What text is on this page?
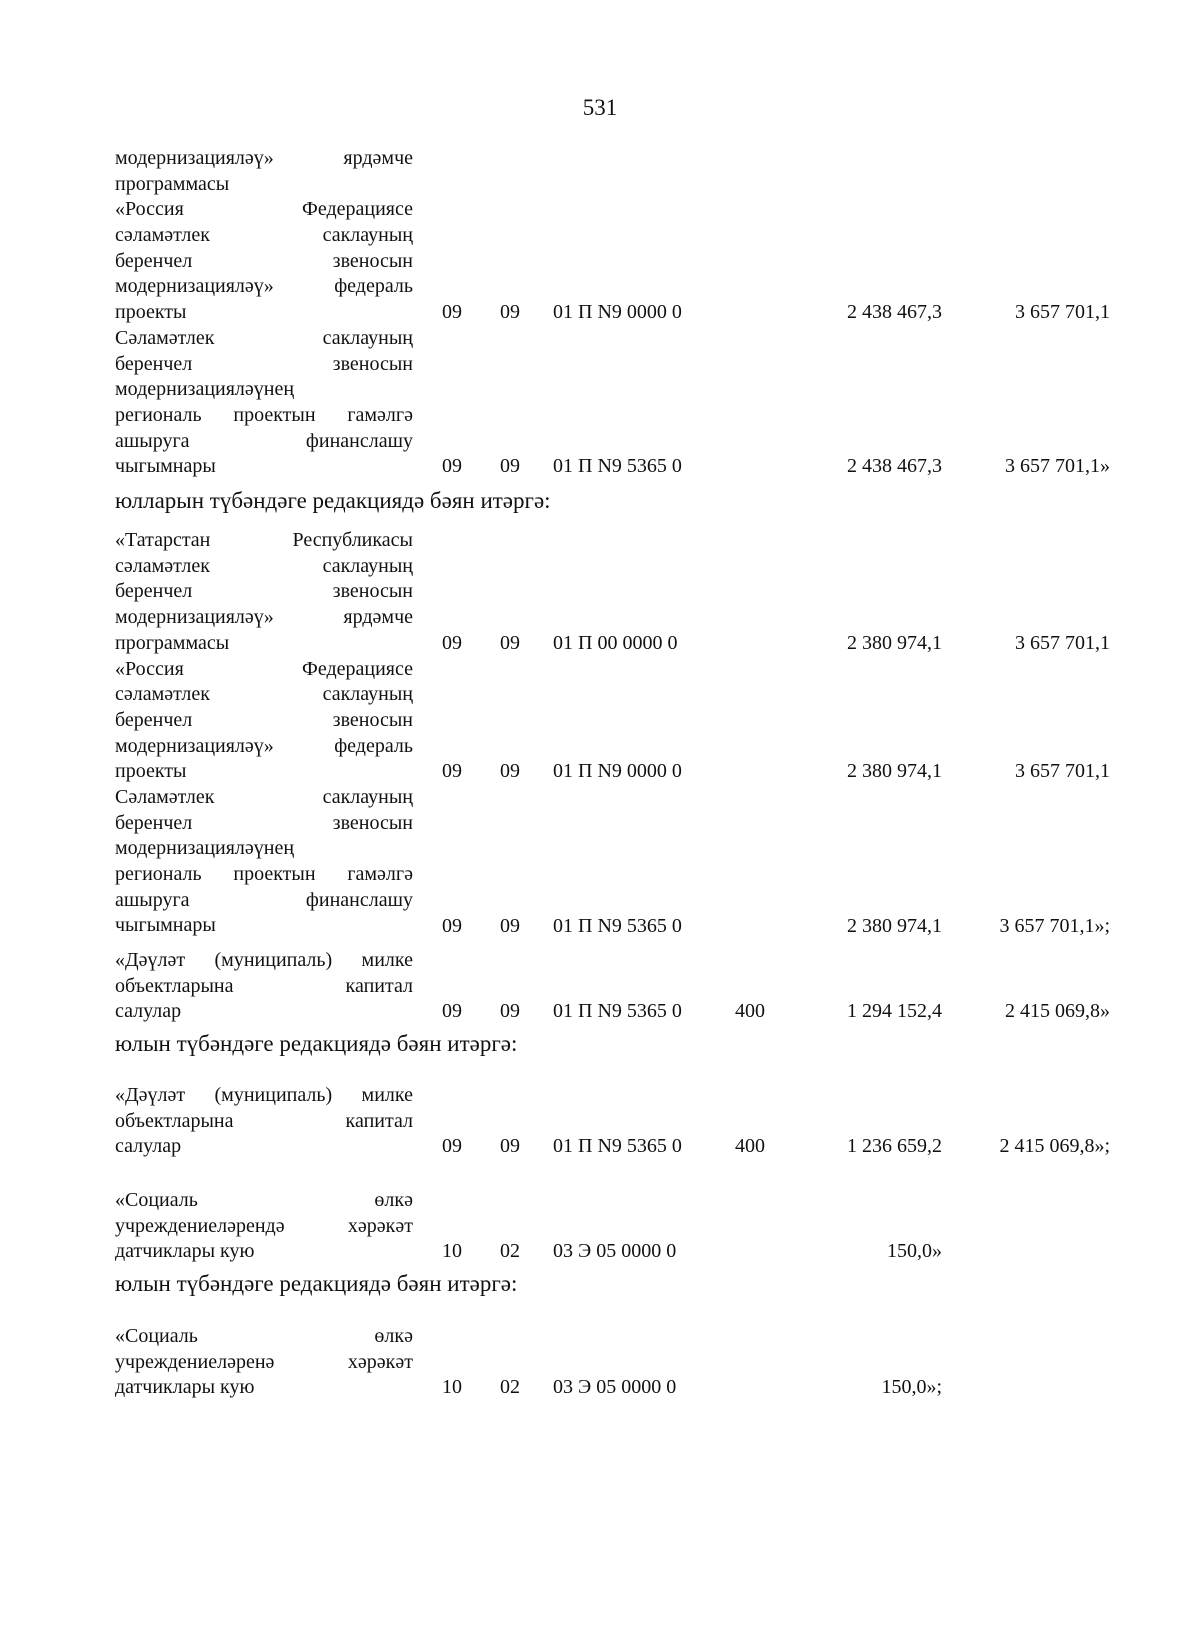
531
модернизацияләү» ярдәмче
программасы
«Россия Федерациясе
сәламәтлек саклауның
беренчел звеносын
модернизацияләү» федераль
проекты	09 09 01 П N9 0000 0	2 438 467,3	3 657 701,1
Сәламәтлек саклауның
беренчел звеносын
модернизацияләүнең
региональ проектын гамәлгә
ашыруга финанслашу
чыгымнары	09 09 01 П N9 5365 0	2 438 467,3	3 657 701,1»
юлларын түбәндәге редакциядә бәян итәргә:
«Татарстан Республикасы
сәламәтлек саклауның
беренчел звеносын
модернизацияләү» ярдәмче
программасы	09 09 01 П 00 0000 0	2 380 974,1	3 657 701,1
«Россия Федерациясе
сәламәтлек саклауның
беренчел звеносын
модернизацияләү» федераль
проекты	09 09 01 П N9 0000 0	2 380 974,1	3 657 701,1
Сәламәтлек саклауның
беренчел звеносын
модернизацияләүнең
региональ проектын гамәлгә
ашыруга финанслашу
чыгымнары	09 09 01 П N9 5365 0	2 380 974,1	3 657 701,1»;
«Дәүләт (муниципаль) милке
объектларына капитал
салулар	09 09 01 П N9 5365 0	400	1 294 152,4	2 415 069,8»
юлын түбәндәге редакциядә бәян итәргә:
«Дәүләт (муниципаль) милке
объектларына капитал
салулар	09 09 01 П N9 5365 0	400	1 236 659,2	2 415 069,8»;
«Социаль өлкә
учреждениеләрендә хәрәкәт
датчиклары кую	10 02 03 Э 05 0000 0	150,0»
юлын түбәндәге редакциядә бәян итәргә:
«Социаль өлкә
учреждениеләренә хәрәкәт
датчиклары кую	10 02 03 Э 05 0000 0	150,0»;
